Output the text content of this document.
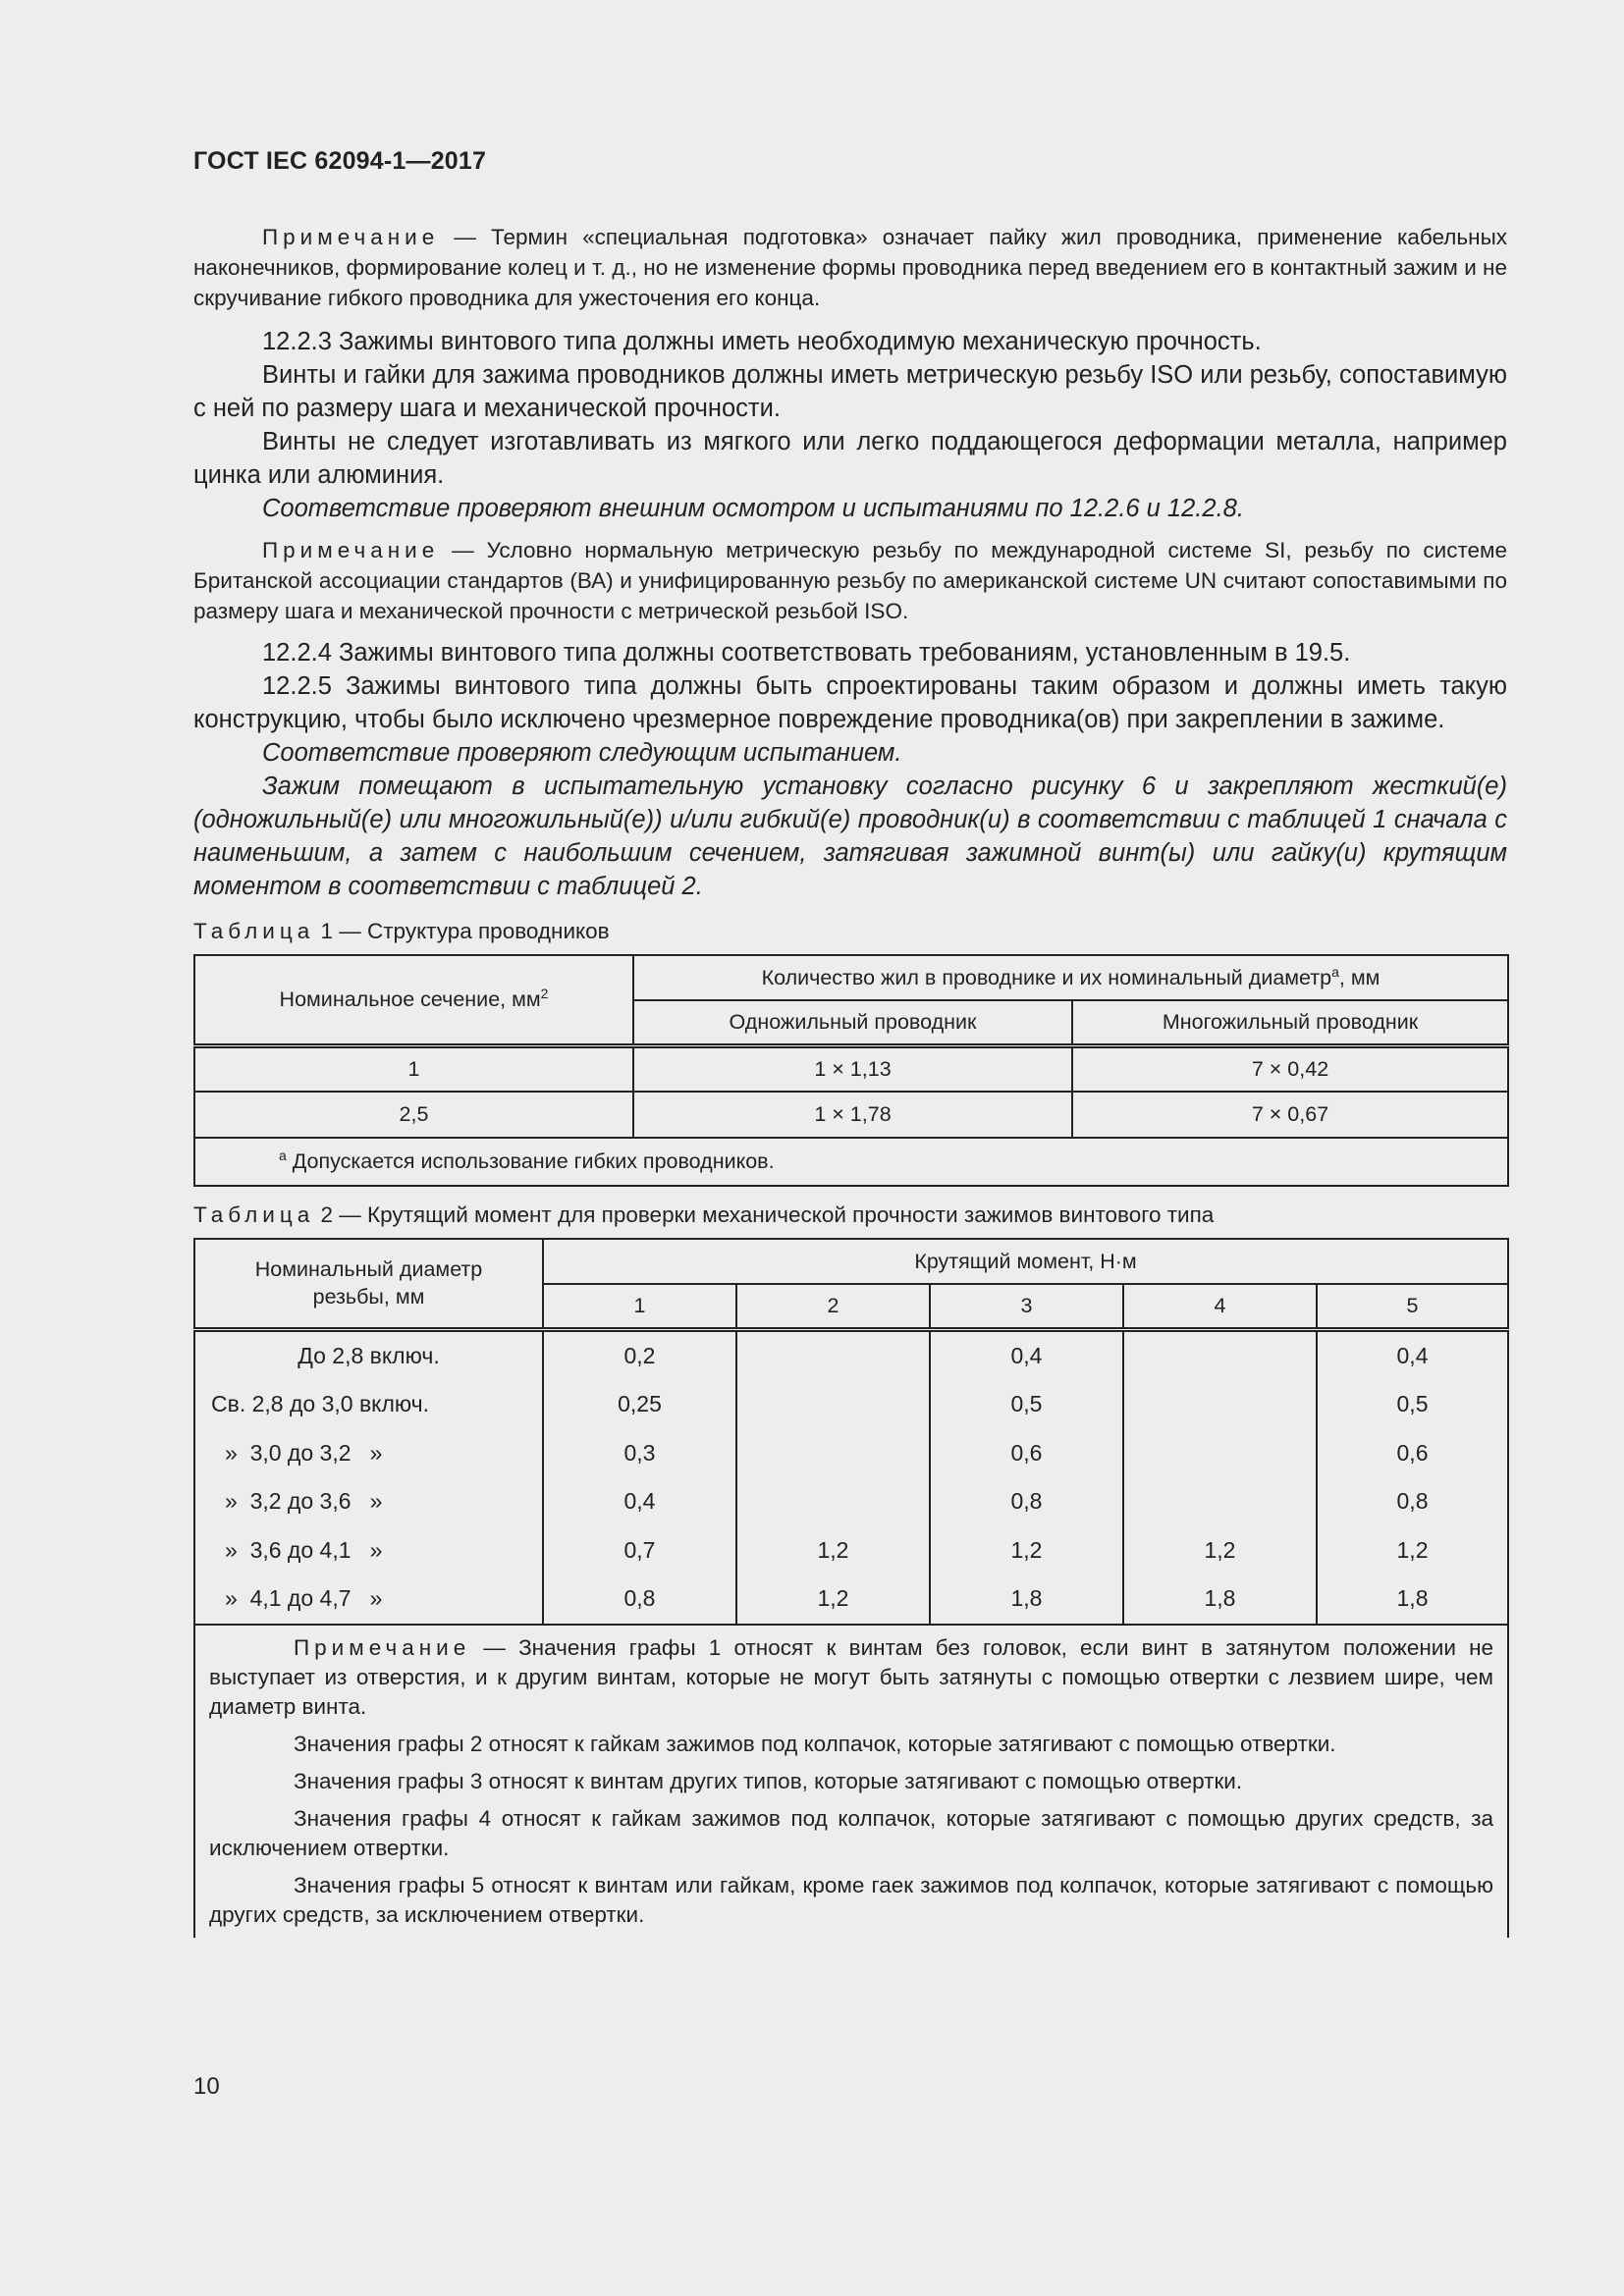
ГОСТ IEC 62094-1—2017

Примечание — Термин «специальная подготовка» означает пайку жил проводника, применение кабельных наконечников, формирование колец и т. д., но не изменение формы проводника перед введением его в контактный зажим и не скручивание гибкого проводника для ужесточения его конца.

12.2.3 Зажимы винтового типа должны иметь необходимую механическую прочность.

Винты и гайки для зажима проводников должны иметь метрическую резьбу ISO или резьбу, сопоставимую с ней по размеру шага и механической прочности.

Винты не следует изготавливать из мягкого или легко поддающегося деформации металла, например цинка или алюминия.

Соответствие проверяют внешним осмотром и испытаниями по 12.2.6 и 12.2.8.

Примечание — Условно нормальную метрическую резьбу по международной системе SI, резьбу по системе Британской ассоциации стандартов (ВА) и унифицированную резьбу по американской системе UN считают сопоставимыми по размеру шага и механической прочности с метрической резьбой ISO.

12.2.4 Зажимы винтового типа должны соответствовать требованиям, установленным в 19.5.

12.2.5 Зажимы винтового типа должны быть спроектированы таким образом и должны иметь такую конструкцию, чтобы было исключено чрезмерное повреждение проводника(ов) при закреплении в зажиме.

Соответствие проверяют следующим испытанием.

Зажим помещают в испытательную установку согласно рисунку 6 и закрепляют жесткий(е) (одножильный(е) или многожильный(е)) и/или гибкий(е) проводник(и) в соответствии с таблицей 1 сначала с наименьшим, а затем с наибольшим сечением, затягивая зажимной винт(ы) или гайку(и) крутящим моментом в соответствии с таблицей 2.

Таблица 1 — Структура проводников
Номинальное сечение, $мм^2$	Количество жил в проводнике и их номинальный диаметр$^a$, мм	
	Одножильный проводник	Многожильный проводник
1	1 × 1,13	7 × 0,42
2,5	1 × 1,78	7 × 0,67
$^a$ Допускается использование гибких проводников.		
Таблица 2 — Крутящий момент для проверки механической прочности зажимов винтового типа
Номинальный диаметр резьбы, мм	Крутящий момент, Н·м				
	1	2	3	4	5
До 2,8 включ.	0,2		0,4		0,4
Св. 2,8 до 3,0 включ.	0,25		0,5		0,5
»  3,0 до 3,2   »	0,3		0,6		0,6
»  3,2 до 3,6   »	0,4		0,8		0,8
»  3,6 до 4,1   »	0,7	1,2	1,2	1,2	1,2
»  4,1 до 4,7   »	0,8	1,2	1,8	1,8	1,8

Примечание — Значения графы 1 относят к винтам без головок, если винт в затянутом положении не выступает из отверстия, и к другим винтам, которые не могут быть затянуты с помощью отвертки с лезвием шире, чем диаметр винта.

Значения графы 2 относят к гайкам зажимов под колпачок, которые затягивают с помощью отвертки.

Значения графы 3 относят к винтам других типов, которые затягивают с помощью отвертки.

Значения графы 4 относят к гайкам зажимов под колпачок, которые затягивают с помощью других средств, за исключением отвертки.

Значения графы 5 относят к винтам или гайкам, кроме гаек зажимов под колпачок, которые затягивают с помощью других средств, за исключением отвертки.					

10
